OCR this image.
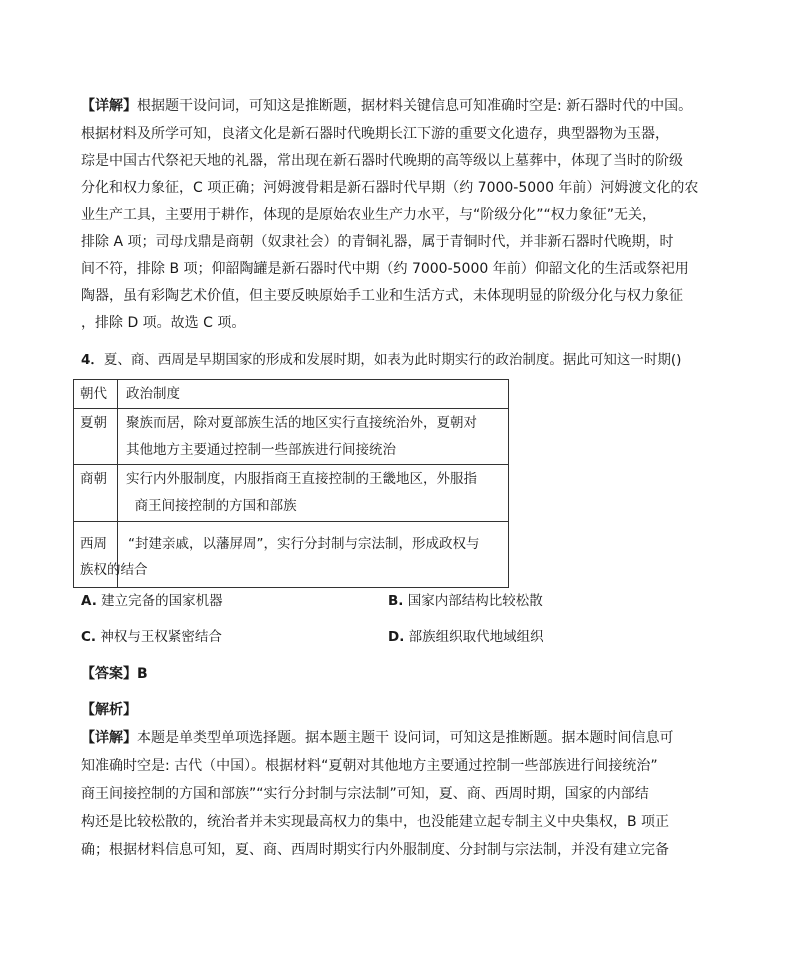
【详解】根据题干设问词，可知这是推断题，据材料关键信息可知准确时空是: 新石器时代的中国。
根据材料及所学可知，良渚文化是新石器时代晚期长江下游的重要文化遗存，典型器物为玉器，
琮是中国古代祭祀天地的礼器，常出现在新石器时代晚期的高等级以上墓葬中，体现了当时的阶级
分化和权力象征，C 项正确；河姆渡骨耜是新石器时代早期（约 7000-5000 年前）河姆渡文化的农
业生产工具，主要用于耕作，体现的是原始农业生产力水平，与“阶级分化”“权力象征”无关，
排除 A 项；司母戊鼎是商朝（奴隶社会）的青铜礼器，属于青铜时代，并非新石器时代晚期，时
间不符，排除 B 项；仰韶陶罐是新石器时代中期（约 7000-5000 年前）仰韶文化的生活或祭祀用
陶器，虽有彩陶艺术价值，但主要反映原始手工业和生活方式，未体现明显的阶级分化与权力象征
，排除 D 项。故选 C 项。
4．夏、商、西周是早期国家的形成和发展时期，如表为此时期实行的政治制度。据此可知这一时期()
朝代 政治制度
夏朝 聚族而居，除对夏部族生活的地区实行直接统治外，夏朝对
其他地方主要通过控制一些部族进行间接统治
商朝 实行内外服制度，内服指商王直接控制的王畿地区，外服指
商王间接控制的方国和部族
西周 “封建亲戚，以藩屏周”，实行分封制与宗法制，形成政权与
族权的结合
A. 建立完备的国家机器	B. 国家内部结构比较松散
C. 神权与王权紧密结合	D. 部族组织取代地域组织
【答案】B
【解析】
【详解】本题是单类型单项选择题。据本题主题干 设问词，可知这是推断题。据本题时间信息可
知准确时空是: 古代（中国）。根据材料“夏朝对其他地方主要通过控制一些部族进行间接统治”
商王间接控制的方国和部族”“实行分封制与宗法制”可知，夏、商、西周时期，国家的内部结
构还是比较松散的，统治者并未实现最高权力的集中，也没能建立起专制主义中央集权，B 项正
确；根据材料信息可知，夏、商、西周时期实行内外服制度、分封制与宗法制，并没有建立完备
